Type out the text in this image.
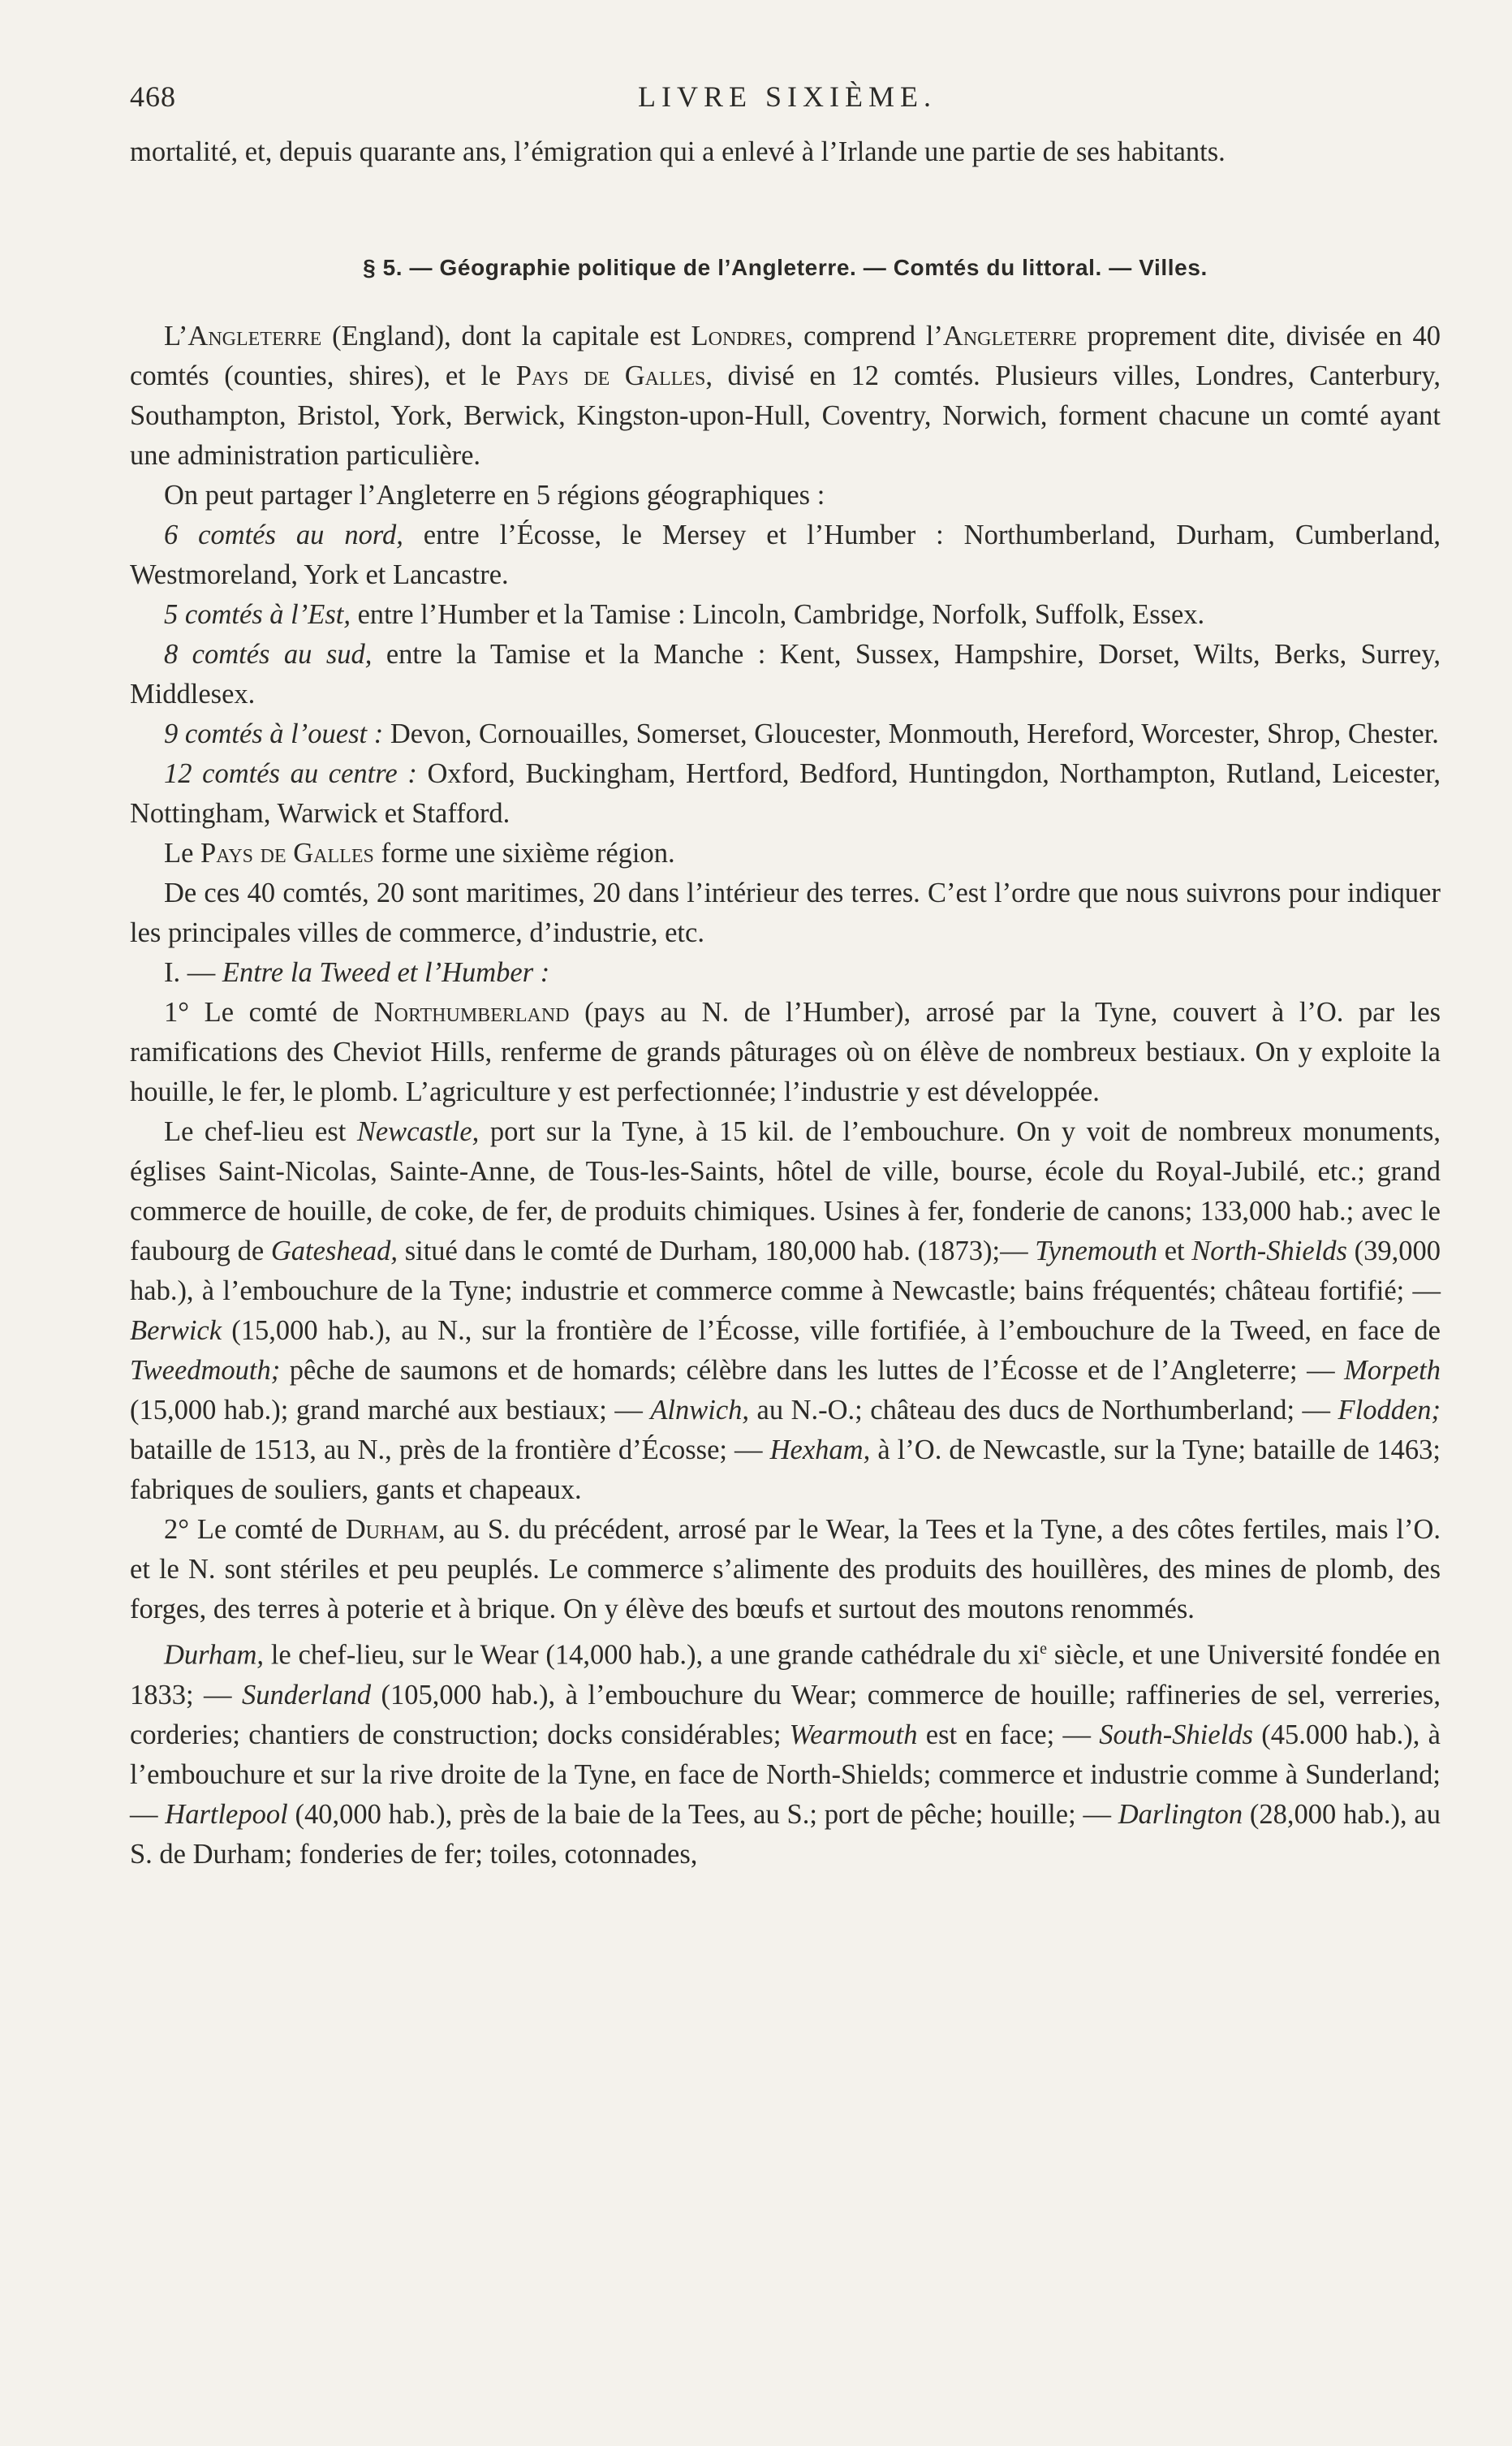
468	LIVRE SIXIÈME.

mortalité, et, depuis quarante ans, l’émigration qui a enlevé à l’Irlande une partie de ses habitants.

§ 5. — Géographie politique de l’Angleterre. — Comtés du littoral. — Villes.

L’Angleterre (England), dont la capitale est Londres, comprend l’Angleterre proprement dite, divisée en 40 comtés (counties, shires), et le Pays de Galles, divisé en 12 comtés. Plusieurs villes, Londres, Canterbury, Southampton, Bristol, York, Berwick, Kingston-upon-Hull, Coventry, Norwich, forment chacune un comté ayant une administration particulière.

On peut partager l’Angleterre en 5 régions géographiques :

6 comtés au nord, entre l’Écosse, le Mersey et l’Humber : Northumberland, Durham, Cumberland, Westmoreland, York et Lancastre.

5 comtés à l’Est, entre l’Humber et la Tamise : Lincoln, Cambridge, Norfolk, Suffolk, Essex.

8 comtés au sud, entre la Tamise et la Manche : Kent, Sussex, Hampshire, Dorset, Wilts, Berks, Surrey, Middlesex.

9 comtés à l’ouest : Devon, Cornouailles, Somerset, Gloucester, Monmouth, Hereford, Worcester, Shrop, Chester.

12 comtés au centre : Oxford, Buckingham, Hertford, Bedford, Huntingdon, Northampton, Rutland, Leicester, Nottingham, Warwick et Stafford.

Le Pays de Galles forme une sixième région.

De ces 40 comtés, 20 sont maritimes, 20 dans l’intérieur des terres. C’est l’ordre que nous suivrons pour indiquer les principales villes de commerce, d’industrie, etc.

I. — Entre la Tweed et l’Humber :

1° Le comté de Northumberland (pays au N. de l’Humber), arrosé par la Tyne, couvert à l’O. par les ramifications des Cheviot Hills, renferme de grands pâturages où on élève de nombreux bestiaux. On y exploite la houille, le fer, le plomb. L’agriculture y est perfectionnée; l’industrie y est développée.

Le chef-lieu est Newcastle, port sur la Tyne, à 15 kil. de l’embouchure. On y voit de nombreux monuments, églises Saint-Nicolas, Sainte-Anne, de Tous-les-Saints, hôtel de ville, bourse, école du Royal-Jubilé, etc.; grand commerce de houille, de coke, de fer, de produits chimiques. Usines à fer, fonderie de canons; 133,000 hab.; avec le faubourg de Gateshead, situé dans le comté de Durham, 180,000 hab. (1873);— Tynemouth et North-Shields (39,000 hab.), à l’embouchure de la Tyne; industrie et commerce comme à Newcastle; bains fréquentés; château fortifié; — Berwick (15,000 hab.), au N., sur la frontière de l’Écosse, ville fortifiée, à l’embouchure de la Tweed, en face de Tweedmouth; pêche de saumons et de homards; célèbre dans les luttes de l’Écosse et de l’Angleterre; — Morpeth (15,000 hab.); grand marché aux bestiaux; — Alnwich, au N.-O.; château des ducs de Northumberland; — Flodden; bataille de 1513, au N., près de la frontière d’Écosse; — Hexham, à l’O. de Newcastle, sur la Tyne; bataille de 1463; fabriques de souliers, gants et chapeaux.

2° Le comté de Durham, au S. du précédent, arrosé par le Wear, la Tees et la Tyne, a des côtes fertiles, mais l’O. et le N. sont stériles et peu peuplés. Le commerce s’alimente des produits des houillères, des mines de plomb, des forges, des terres à poterie et à brique. On y élève des bœufs et surtout des moutons renommés.

Durham, le chef-lieu, sur le Wear (14,000 hab.), a une grande cathédrale du $xi^e$ siècle, et une Université fondée en 1833; — Sunderland (105,000 hab.), à l’embouchure du Wear; commerce de houille; raffineries de sel, verreries, corderies; chantiers de construction; docks considérables; Wearmouth est en face; — South-Shields (45.000 hab.), à l’embouchure et sur la rive droite de la Tyne, en face de North-Shields; commerce et industrie comme à Sunderland;— Hartlepool (40,000 hab.), près de la baie de la Tees, au S.; port de pêche; houille; — Darlington (28,000 hab.), au S. de Durham; fonderies de fer; toiles, cotonnades,
